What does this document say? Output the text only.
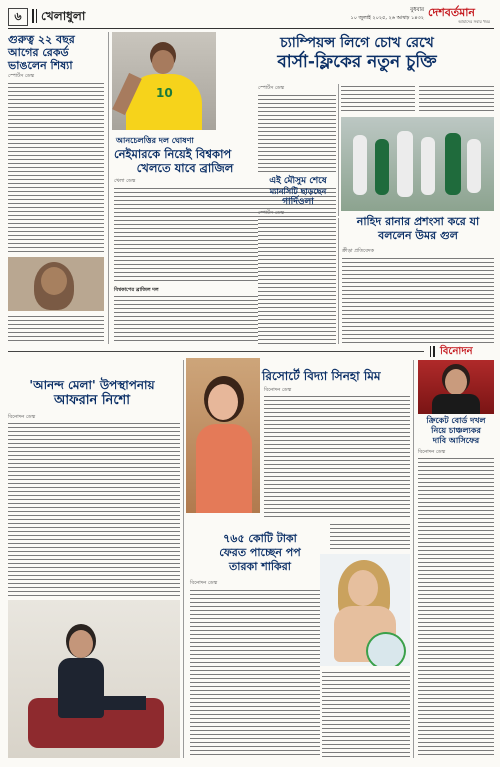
৬	খেলাধুলা	বুধবার
১০ জুলাই ২০২৫, ২৬ আষাঢ় ১৪৩২ দেশবর্তমান
আমাদের সবার খবর
গুরুত্ব ২২ বছর আগের রেকর্ড ভাঙলেন শিষ্যা
স্পোর্টস ডেস্ক
10
চ্যাম্পিয়ন্স লিগে চোখ রেখে
বার্সা-ফ্লিকের নতুন চুক্তি
স্পোর্টস ডেস্ক
আনচেলত্তির দল ঘোষণা
নেইমারকে নিয়েই বিশ্বকাপ
খেলতে যাবে ব্রাজিল
খেলা ডেস্ক
বিশ্বকাপের ব্রাজিল দল
এই মৌসুম শেষে
ম্যানসিটি ছাড়ছেন
গার্দিওলা
স্পোর্টস ডেস্ক
নাহিদ রানার প্রশংসা করে যা বললেন উমর গুল
ক্রীড়া প্রতিবেদক
বিনোদন
'আনন্দ মেলা' উপস্থাপনায়
আফরান নিশো
বিনোদন ডেস্ক
রিসোর্টে বিদ্যা সিনহা মিম
বিনোদন ডেস্ক
৭৬৫ কোটি টাকা
ফেরত পাচ্ছেন পপ
তারকা শাকিরা
বিনোদন ডেস্ক
ক্রিকেট বোর্ড দখল
নিয়ে চাঞ্চল্যকর
দাবি আসিফের
বিনোদন ডেস্ক
